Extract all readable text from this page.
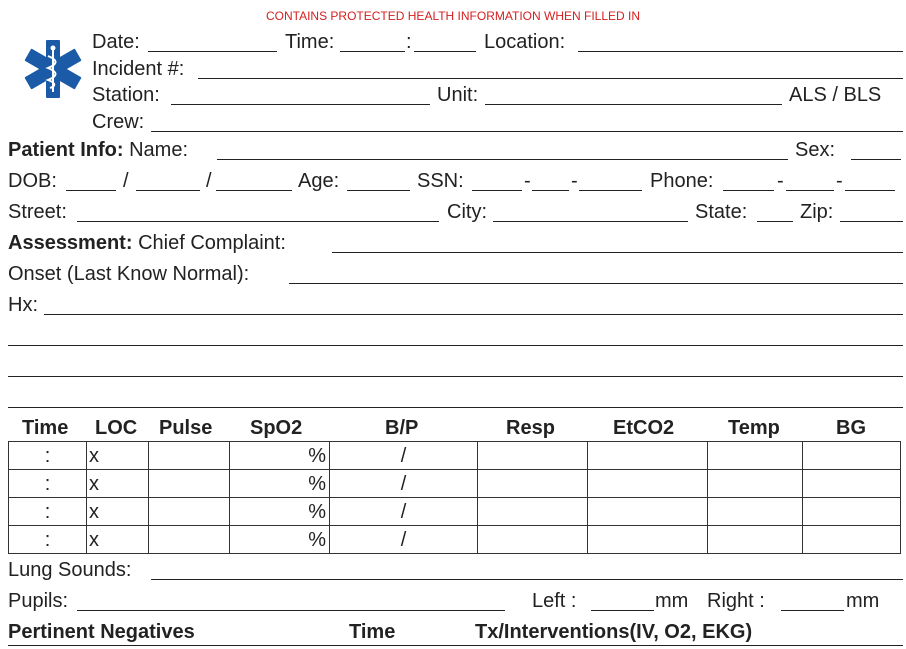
CONTAINS PROTECTED HEALTH INFORMATION WHEN FILLED IN
Date:	Time:	:	Location:
Incident #:
Station:	Unit:	ALS / BLS
Crew:
Patient Info: Name:	Sex:
DOB:	/	/	Age:	SSN:	- -	Phone:	-	-
Street:	City:	State:	Zip:
Assessment: Chief Complaint:
Onset (Last Know Normal):
Hx:
Time LOC Pulse SpO2	B/P	Resp	EtCO2	Temp	BG
:	x		%	/				
:	x		%	/				
:	x		%	/				
:	x		%	/				
Lung Sounds:
Pupils:	Left :	mm Right :	mm
Pertinent Negatives	Time	Tx/Interventions(IV, O2, EKG)
